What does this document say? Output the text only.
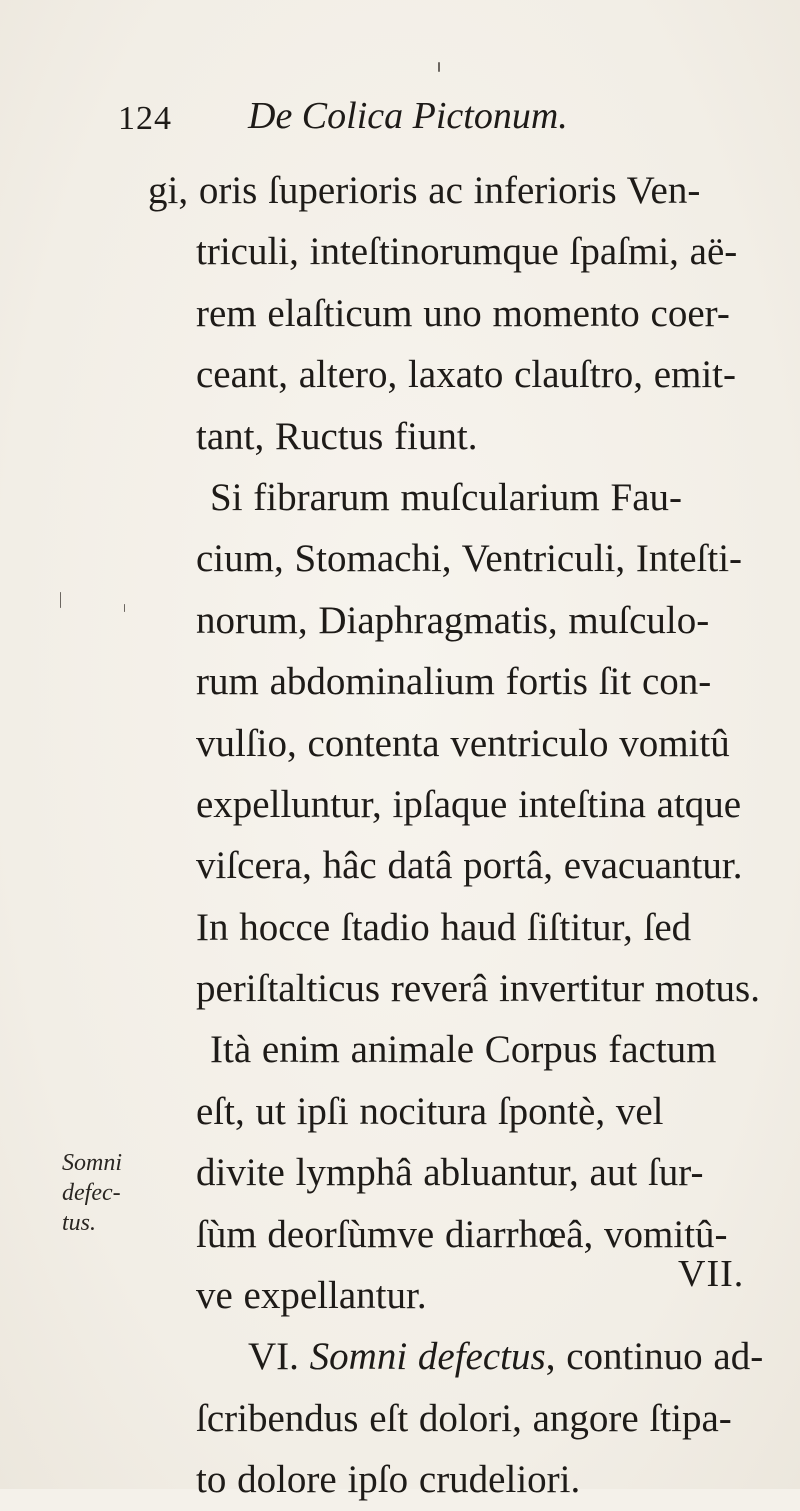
124 De Colica Pictonum.
gi, oris ſuperioris ac inferioris Ven-
triculi, inteſtinorumque ſpaſmi, aë-
rem elaſticum uno momento coer-
ceant, altero, laxato clauſtro, emit-
tant, Ructus fiunt.
Si fibrarum muſcularium Fau-
cium, Stomachi, Ventriculi, Inteſti-
norum, Diaphragmatis, muſculo-
rum abdominalium fortis ſit con-
vulſio, contenta ventriculo vomitû
expelluntur, ipſaque inteſtina atque
viſcera, hâc datâ portâ, evacuantur.
In hocce ſtadio haud ſiſtitur, ſed
periſtalticus reverâ invertitur motus.
Ità enim animale Corpus factum
eſt, ut ipſi nocitura ſpontè, vel
divite lymphâ abluantur, aut ſur-
ſùm deorſùmve diarrhœâ, vomitû-
ve expellantur.
VI. Somni defectus, continuo ad-
ſcribendus eſt dolori, angore ſtipa-
to dolore ipſo crudeliori.
Somni
defec-
tus.
VII.
